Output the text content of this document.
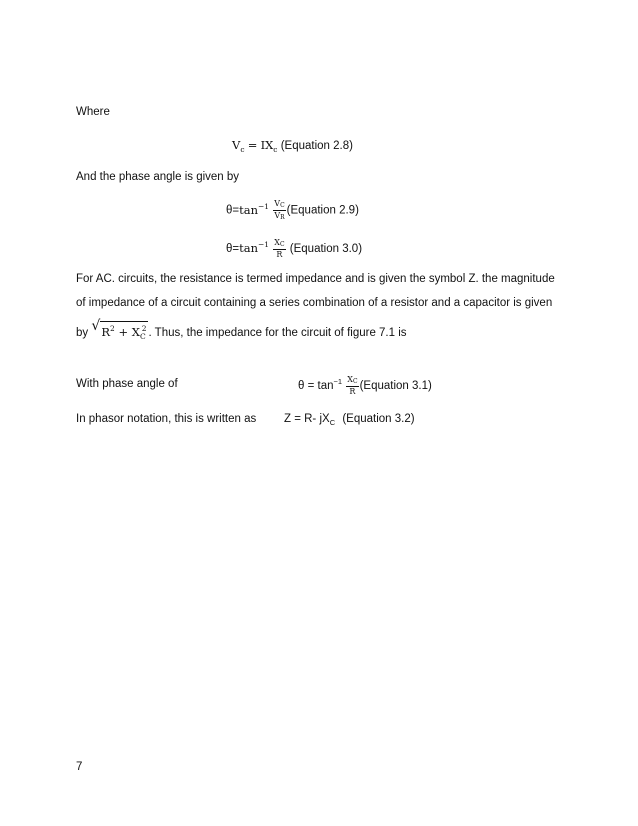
Where
$V_c = IX_c$ (Equation 2.8)
And the phase angle is given by
$\theta=\tan^{-1} \frac{VC}{VR}$ (Equation 2.9)
$\theta=\tan^{-1} \frac{XC}{R}$ (Equation 3.0)
For AC. circuits, the resistance is termed impedance and is given the symbol Z. the magnitude
of impedance of a circuit containing a series combination of a resistor and a capacitor is given
by √ $R^2 + X_C^2$ . Thus, the impedance for the circuit of figure 7.1 is
With phase angle of	$\theta = \tan^{-1} \frac{XC}{R}$ (Equation 3.1)
In phasor notation, this is written as Z = R- $jX_C$ (Equation 3.2)
7
